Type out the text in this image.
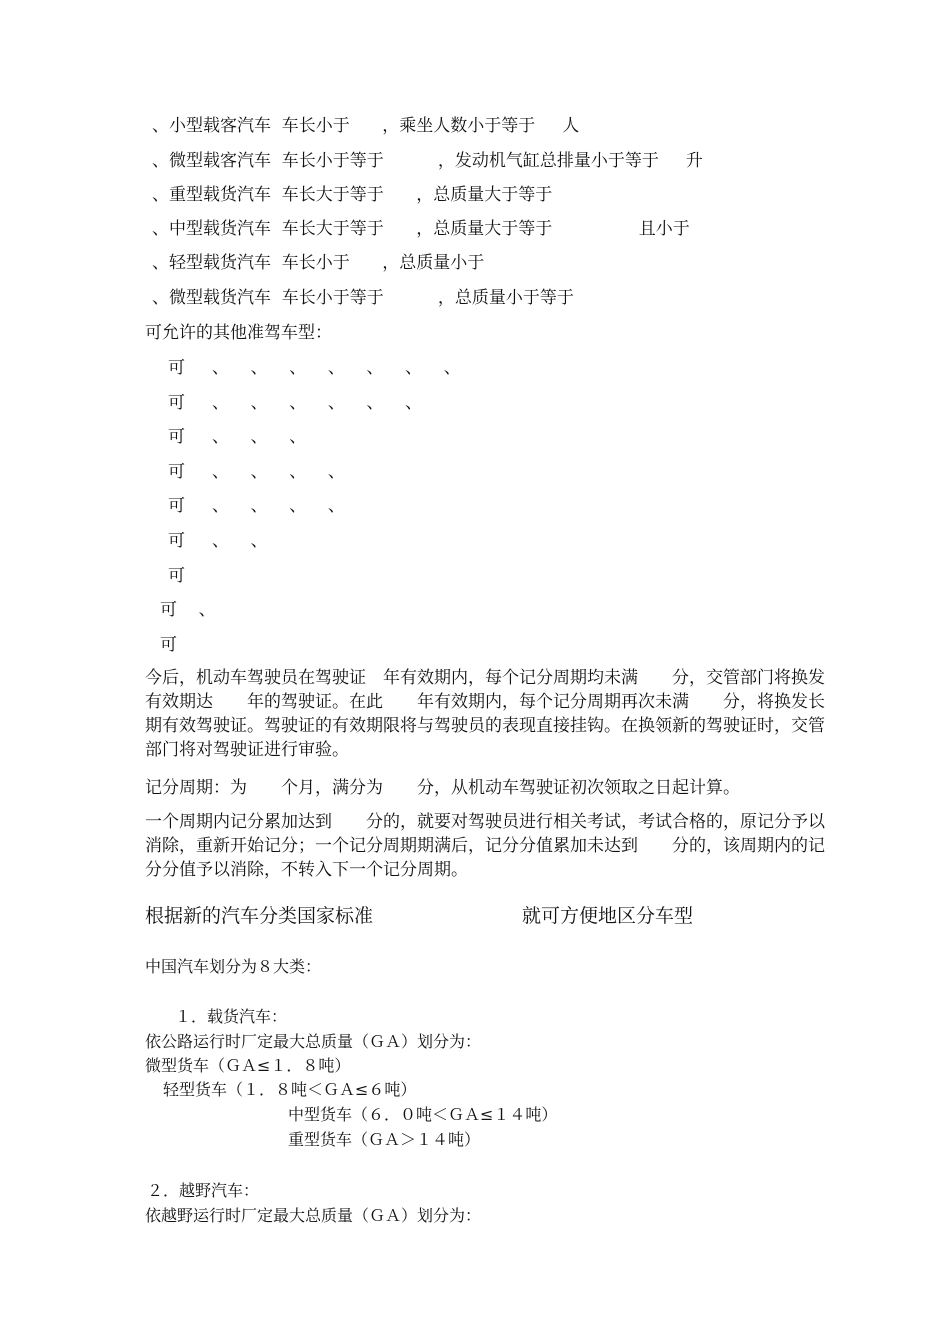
、小型载客汽车  车长小于      ，乘坐人数小于等于     人
、微型载客汽车  车长小于等于          ，发动机气缸总排量小于等于     升
、重型载货汽车  车长大于等于      ，总质量大于等于
、中型载货汽车  车长大于等于      ，总质量大于等于                且小于
、轻型载货汽车  车长小于      ，总质量小于
、微型载货汽车  车长小于等于          ，总质量小于等于
可允许的其他准驾车型：
可     、    、    、    、    、    、    、
可     、    、    、    、    、    、
可     、    、    、
可     、    、    、    、
可     、    、    、    、
可     、    、
可
可    、
可
今后，机动车驾驶员在驾驶证　年有效期内，每个记分周期均未满　　分，交管部门将换发有效期达　　年的驾驶证。在此　　年有效期内，每个记分周期再次未满　　分，将换发长期有效驾驶证。驾驶证的有效期限将与驾驶员的表现直接挂钩。在换领新的驾驶证时，交管部门将对驾驶证进行审验。
记分周期：为　　个月，满分为　　分，从机动车驾驶证初次领取之日起计算。
一个周期内记分累加达到　　分的，就要对驾驶员进行相关考试，考试合格的，原记分予以消除，重新开始记分；一个记分周期期满后，记分分值累加未达到　　分的，该周期内的记分分值予以消除，不转入下一个记分周期。
根据新的汽车分类国家标准	就可方便地区分车型
中国汽车划分为８大类：
１．载货汽车：
依公路运行时厂定最大总质量（ＧＡ）划分为：
微型货车（ＧＡ≤１．８吨）
轻型货车（１．８吨＜ＧＡ≤６吨）
中型货车（６．０吨＜ＧＡ≤１４吨）
重型货车（ＧＡ＞１４吨）
２．越野汽车：
依越野运行时厂定最大总质量（ＧＡ）划分为：
